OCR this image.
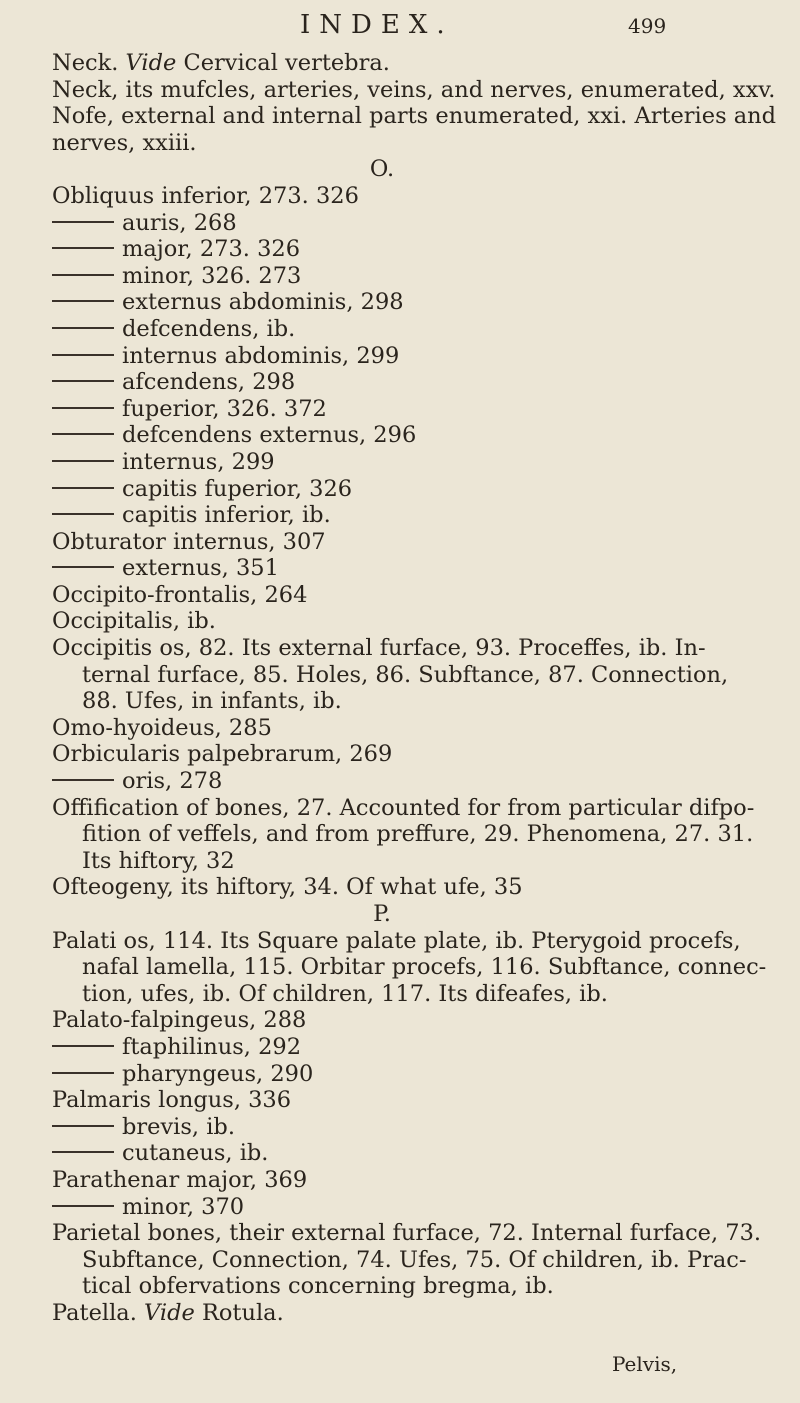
INDEX.	499
Neck. Vide Cervical vertebra.
Neck, its mufcles, arteries, veins, and nerves, enumerated, xxv.
Nofe, external and internal parts enumerated, xxi. Arteries and
nerves, xxiii.
O.
Obliquus inferior, 273. 326
auris, 268
major, 273. 326
minor, 326. 273
externus abdominis, 298
defcendens, ib.
internus abdominis, 299
afcendens, 298
fuperior, 326. 372
defcendens externus, 296
internus, 299
capitis fuperior, 326
capitis inferior, ib.
Obturator internus, 307
externus, 351
Occipito-frontalis, 264
Occipitalis, ib.
Occipitis os, 82. Its external furface, 93. Proceffes, ib. In-
ternal furface, 85. Holes, 86. Subftance, 87. Connection,
88. Ufes, in infants, ib.
Omo-hyoideus, 285
Orbicularis palpebrarum, 269
oris, 278
Offification of bones, 27. Accounted for from particular difpo-
fition of veffels, and from preffure, 29. Phenomena, 27. 31.
Its hiftory, 32
Ofteogeny, its hiftory, 34. Of what ufe, 35
P.
Palati os, 114. Its Square palate plate, ib. Pterygoid procefs,
nafal lamella, 115. Orbitar procefs, 116. Subftance, connec-
tion, ufes, ib. Of children, 117. Its difeafes, ib.
Palato-falpingeus, 288
ftaphilinus, 292
pharyngeus, 290
Palmaris longus, 336
brevis, ib.
cutaneus, ib.
Parathenar major, 369
minor, 370
Parietal bones, their external furface, 72. Internal furface, 73.
Subftance, Connection, 74. Ufes, 75. Of children, ib. Prac-
tical obfervations concerning bregma, ib.
Patella. Vide Rotula.
Pelvis,
